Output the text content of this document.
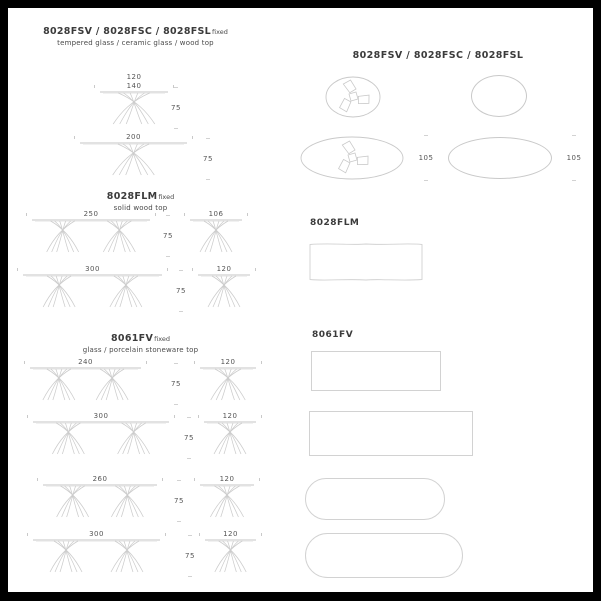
8028FSV / 8028FSC / 8028FSLfixed
tempered glass / ceramic glass / wood top
8028FLMfixed
solid wood top
8061FVfixed
glass / porcelain stoneware top
8028FSV / 8028FSC / 8028FSL
8028FLM
8061FV
120
140
75
200
75
250
75
106
300
75
120
240
75
120
300
75
120
260
75
120
300
75
120
105	105
